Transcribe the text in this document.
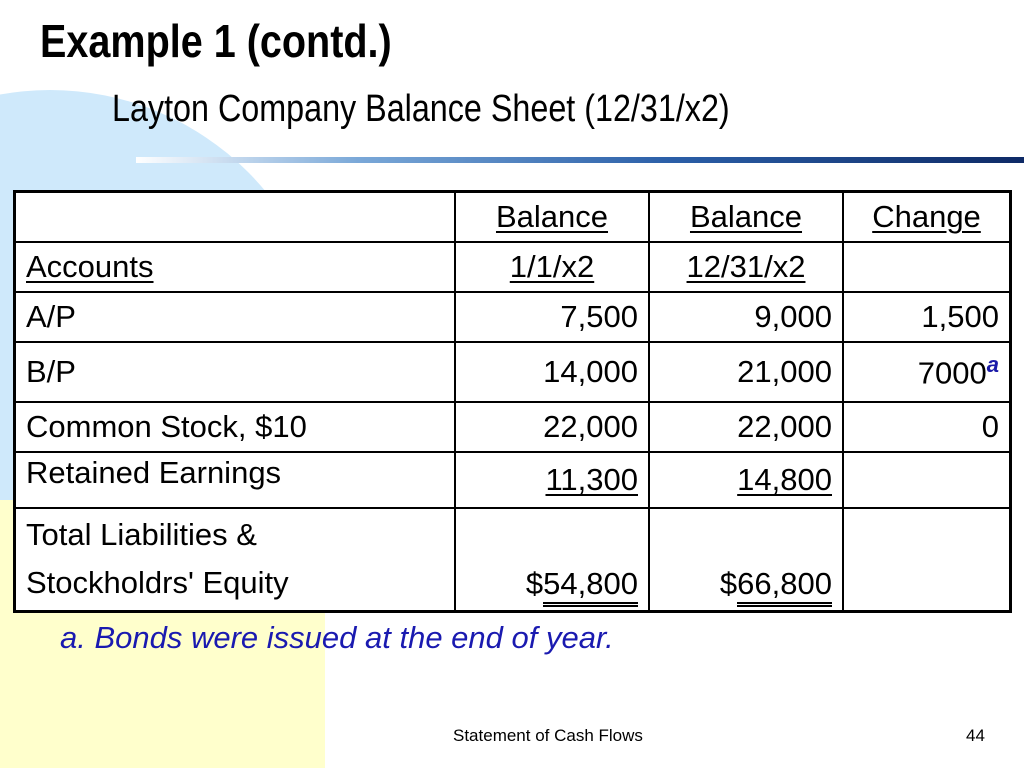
Example 1 (contd.)
Layton Company Balance Sheet (12/31/x2)
	Balance	Balance	Change
Accounts	1/1/x2	12/31/x2	
A/P	7,500	9,000	1,500
B/P	14,000	21,000	7000$^a$
Common Stock, $10	22,000	22,000	0
Retained Earnings	11,300	14,800	

Total Liabilities &
Stockholdrs' Equity	$54,800	$66,800	
a. Bonds were issued at the end of year.
Statement of Cash Flows	44
